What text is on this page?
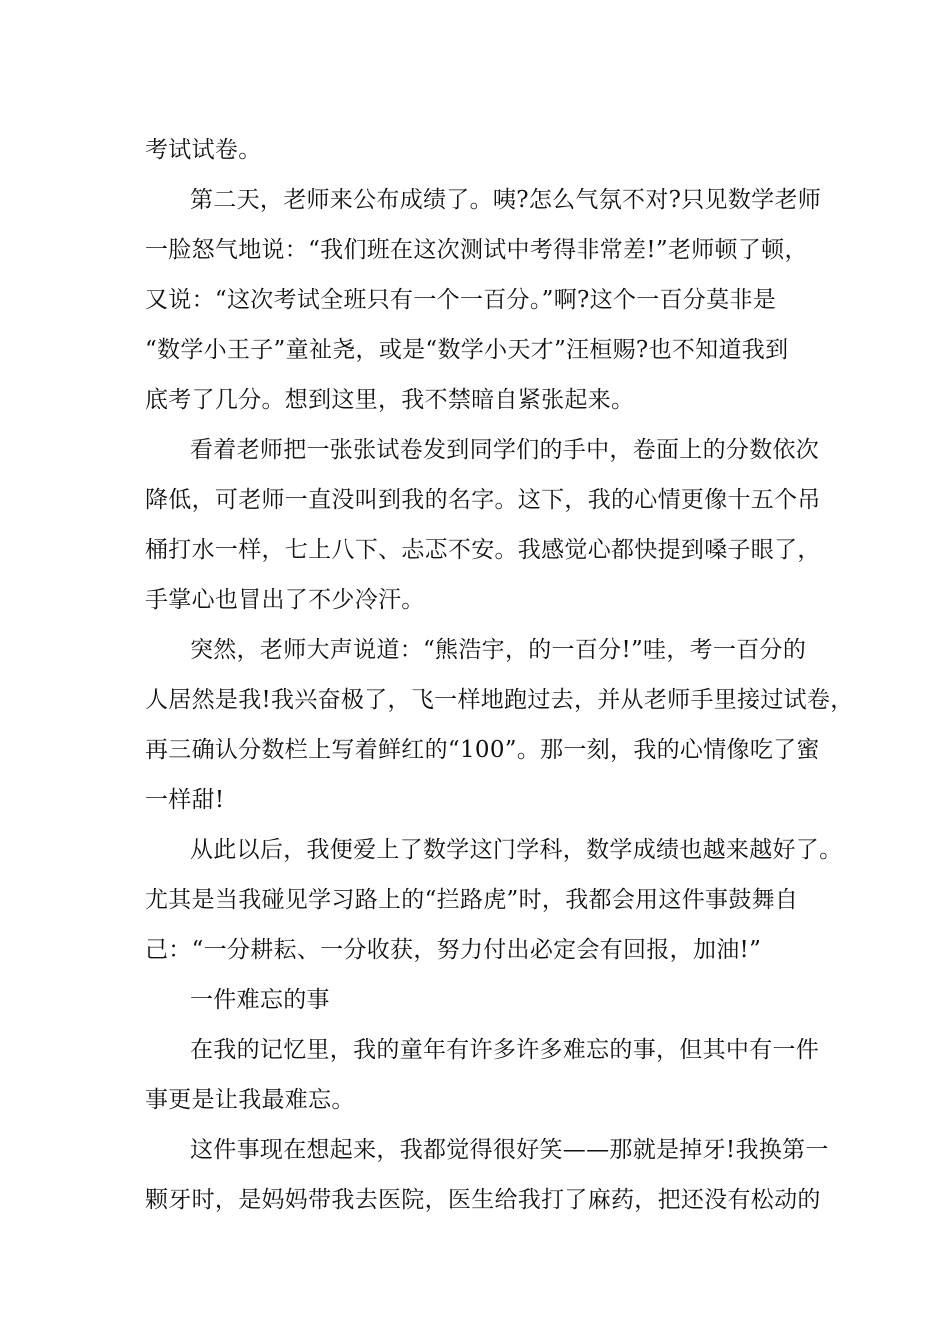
考试试卷。
第二天，老师来公布成绩了。咦?怎么气氛不对?只见数学老师
一脸怒气地说：“我们班在这次测试中考得非常差!”老师顿了顿，
又说：“这次考试全班只有一个一百分。”啊?这个一百分莫非是
“数学小王子”童祉尧，或是“数学小天才”汪桓赐?也不知道我到
底考了几分。想到这里，我不禁暗自紧张起来。
看着老师把一张张试卷发到同学们的手中，卷面上的分数依次
降低，可老师一直没叫到我的名字。这下，我的心情更像十五个吊
桶打水一样，七上八下、忐忑不安。我感觉心都快提到嗓子眼了，
手掌心也冒出了不少冷汗。
突然，老师大声说道：“熊浩宇，的一百分!”哇，考一百分的
人居然是我!我兴奋极了，飞一样地跑过去，并从老师手里接过试卷，
再三确认分数栏上写着鲜红的“100”。那一刻，我的心情像吃了蜜
一样甜!
从此以后，我便爱上了数学这门学科，数学成绩也越来越好了。
尤其是当我碰见学习路上的“拦路虎”时，我都会用这件事鼓舞自
己：“一分耕耘、一分收获，努力付出必定会有回报，加油!”
一件难忘的事
在我的记忆里，我的童年有许多许多难忘的事，但其中有一件
事更是让我最难忘。
这件事现在想起来，我都觉得很好笑——那就是掉牙!我换第一
颗牙时，是妈妈带我去医院，医生给我打了麻药，把还没有松动的
